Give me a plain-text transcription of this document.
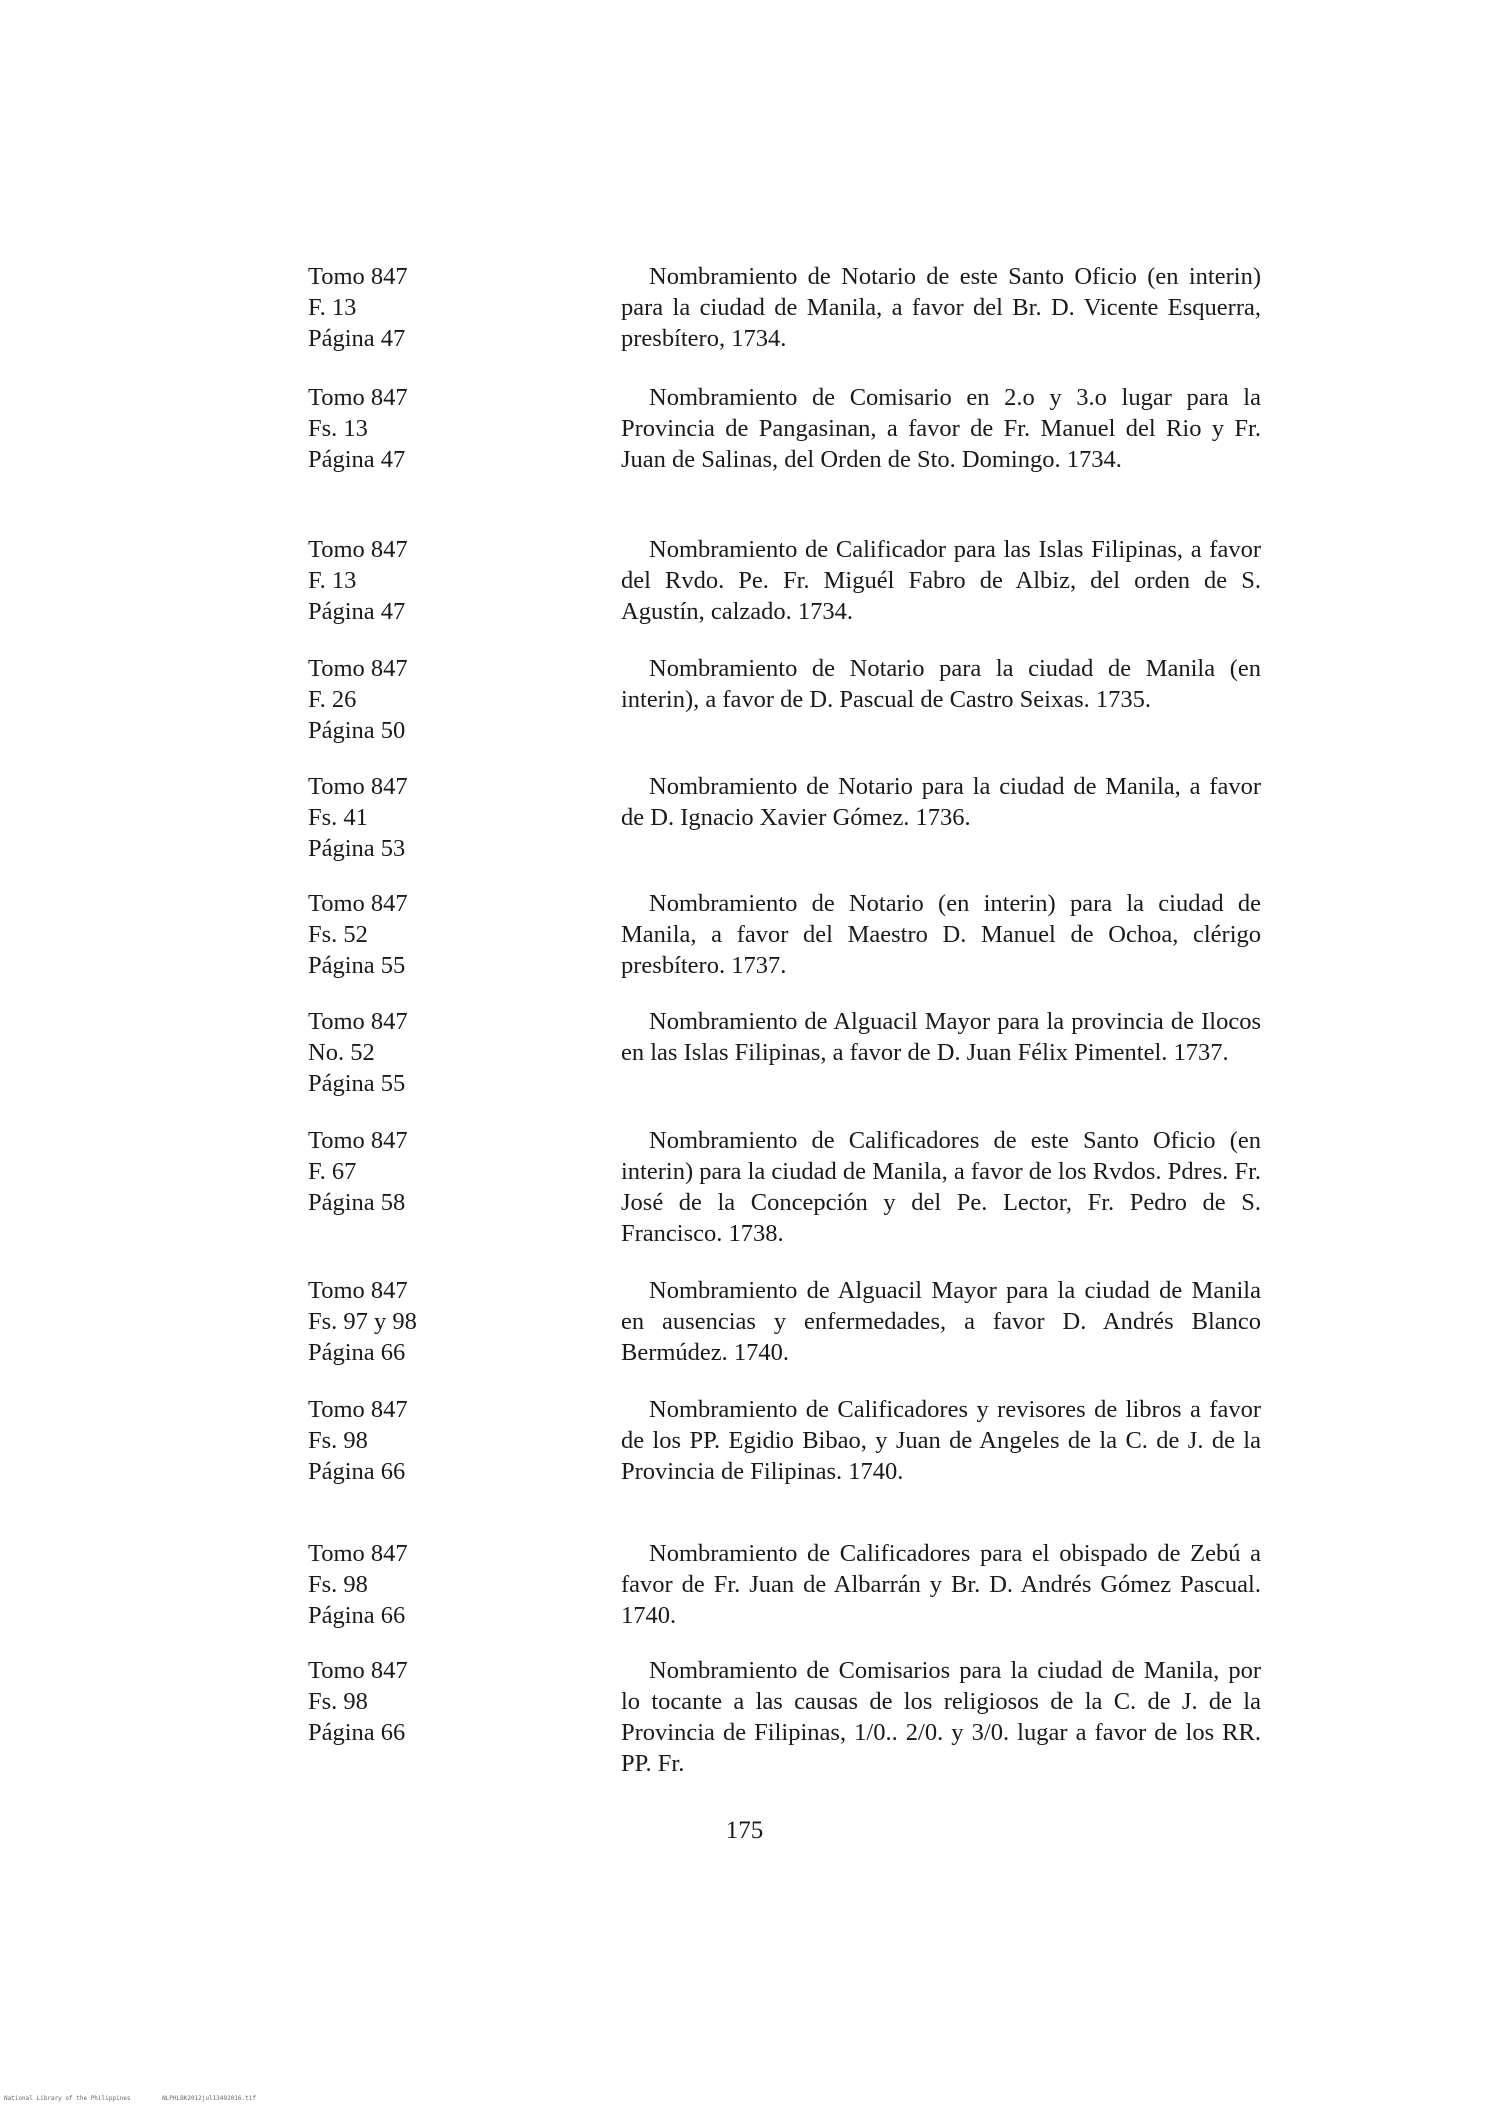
Tomo 847
F. 13
Página 47
Nombramiento de Notario de este Santo Oficio (en interin) para la ciudad de Manila, a favor del Br. D. Vicente Esquerra, presbítero, 1734.
Tomo 847
Fs. 13
Página 47
Nombramiento de Comisario en 2.o y 3.o lugar para la Provincia de Pangasinan, a favor de Fr. Manuel del Rio y Fr. Juan de Salinas, del Orden de Sto. Domingo. 1734.
Tomo 847
F. 13
Página 47
Nombramiento de Calificador para las Islas Filipinas, a favor del Rvdo. Pe. Fr. Miguél Fabro de Albiz, del orden de S. Agustín, calzado. 1734.
Tomo 847
F. 26
Página 50
Nombramiento de Notario para la ciudad de Manila (en interin), a favor de D. Pascual de Castro Seixas. 1735.
Tomo 847
Fs. 41
Página 53
Nombramiento de Notario para la ciudad de Manila, a favor de D. Ignacio Xavier Gómez. 1736.
Tomo 847
Fs. 52
Página 55
Nombramiento de Notario (en interin) para la ciudad de Manila, a favor del Maestro D. Manuel de Ochoa, clérigo presbítero. 1737.
Tomo 847
No. 52
Página 55
Nombramiento de Alguacil Mayor para la provincia de Ilocos en las Islas Filipinas, a favor de D. Juan Félix Pimentel. 1737.
Tomo 847
F. 67
Página 58
Nombramiento de Calificadores de este Santo Oficio (en interin) para la ciudad de Manila, a favor de los Rvdos. Pdres. Fr. José de la Concepción y del Pe. Lector, Fr. Pedro de S. Francisco. 1738.
Tomo 847
Fs. 97 y 98
Página 66
Nombramiento de Alguacil Mayor para la ciudad de Manila en ausencias y enfermedades, a favor D. Andrés Blanco Bermúdez. 1740.
Tomo 847
Fs. 98
Página 66
Nombramiento de Calificadores y revisores de libros a favor de los PP. Egidio Bibao, y Juan de Angeles de la C. de J. de la Provincia de Filipinas. 1740.
Tomo 847
Fs. 98
Página 66
Nombramiento de Calificadores para el obispado de Zebú a favor de Fr. Juan de Albarrán y Br. D. Andrés Gómez Pascual. 1740.
Tomo 847
Fs. 98
Página 66
Nombramiento de Comisarios para la ciudad de Manila, por lo tocante a las causas de los religiosos de la C. de J. de la Provincia de Filipinas, 1/0.. 2/0. y 3/0. lugar a favor de los RR. PP. Fr.
175
National Library of the Philippines	NLPHLBK2012jul13492016.tif
